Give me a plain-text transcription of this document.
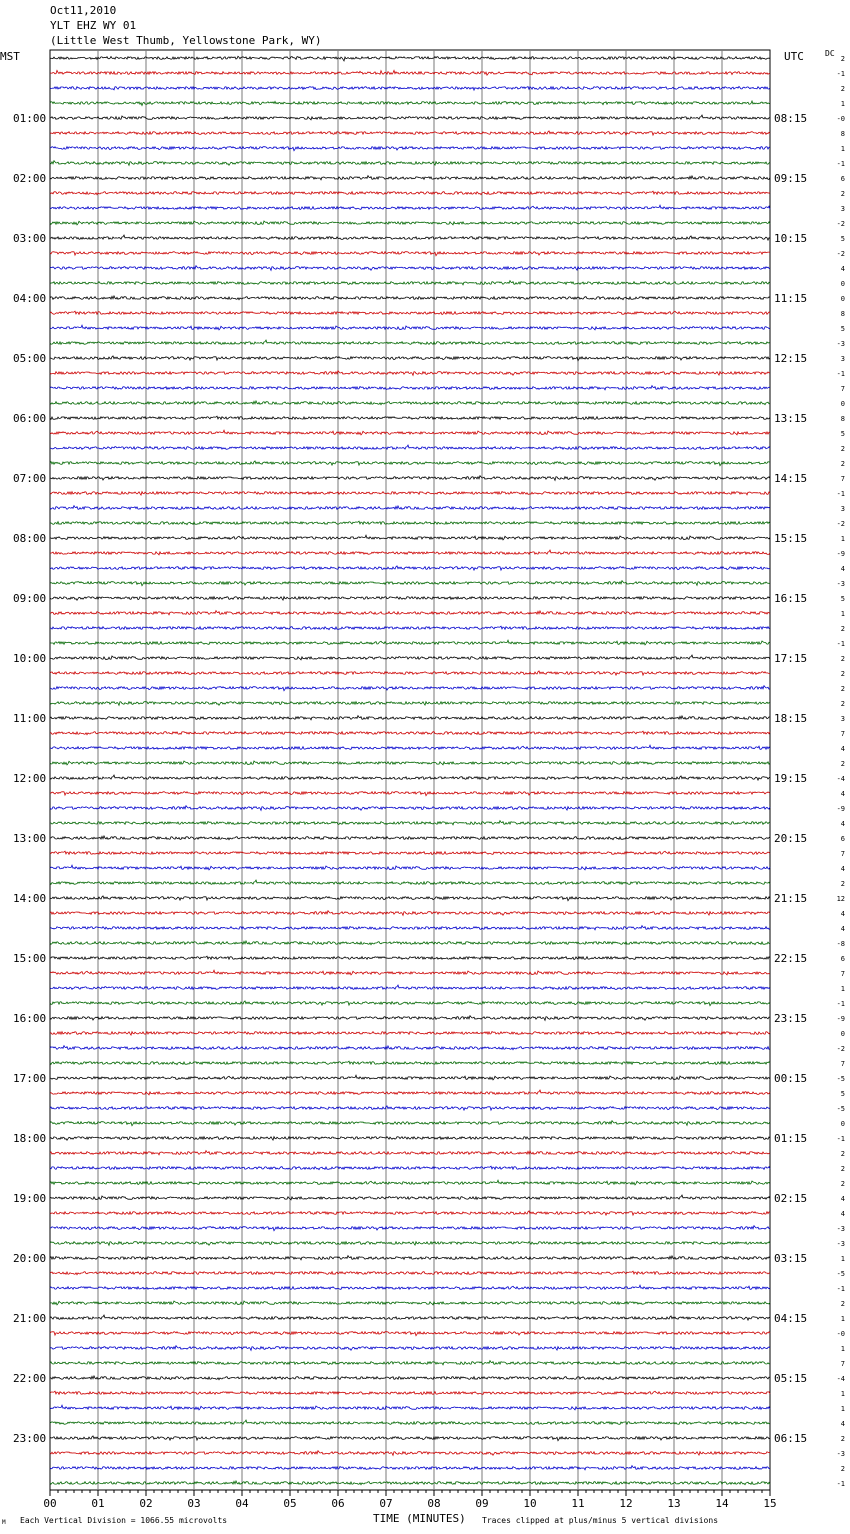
Oct11,2010
YLT EHZ WY 01
(Little West Thumb, Yellowstone Park, WY)
MST	UTC	DC
01:00
02:00
03:00
04:00
05:00
06:00
07:00
08:00
09:00
10:00
11:00
12:00
13:00
14:00
15:00
16:00
17:00
18:00
19:00
20:00
21:00
22:00
23:00
08:15
09:15
10:15
11:15
12:15
13:15
14:15
15:15
16:15
17:15
18:15
19:15
20:15
21:15
22:15
23:15
00:15
01:15
02:15
03:15
04:15
05:15
06:15
2
-1
2
1
-0
8
1
-1
6
2
3
-2
5
-2
4
0
0
8
5
-3
3
-1
7
0
8
5
2
2
7
-1
3
-2
1
-9
4
-3
5
1
2
-1
2
2
2
2
3
7
4
2
-4
4
-9
4
6
7
4
2
12
4
4
-8
6
7
1
-1
-9
0
-2
7
-5
5
-5
0
-1
2
2
2
4
4
-3
-3
1
-5
-1
2
1
-0
1
7
-4
1
1
4
2
-3
2
-1
00	01	02	03	04	05	06	07	08	09	10	11	12	13	14	15
TIME (MINUTES)
Each Vertical Division = 1066.55 microvolts	Traces clipped at plus/minus 5 vertical divisions
M
